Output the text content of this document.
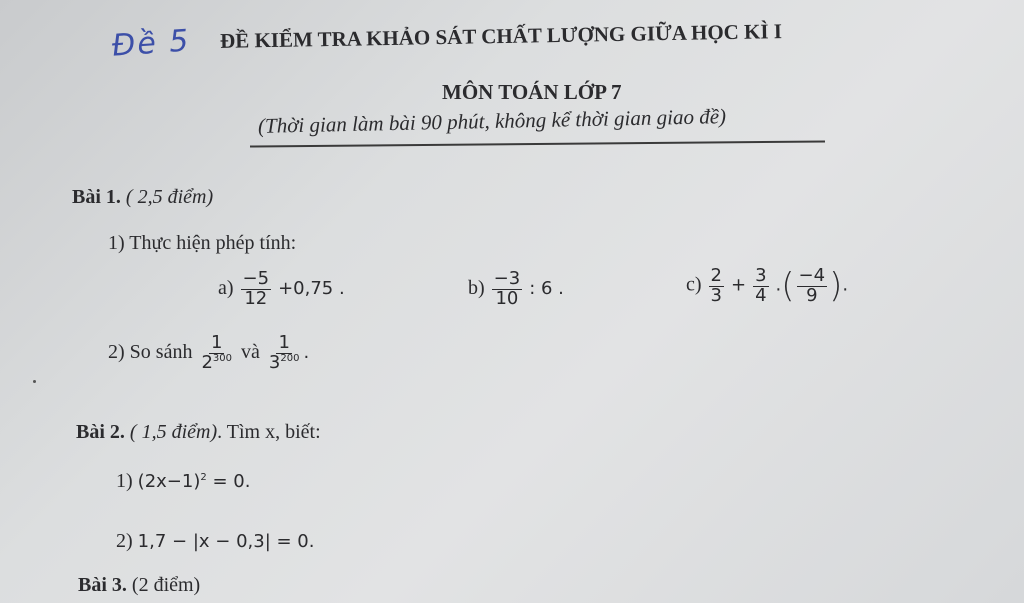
Đề 5 ĐỀ KIỂM TRA KHẢO SÁT CHẤT LƯỢNG GIỮA HỌC KÌ I
MÔN TOÁN LỚP 7
(Thời gian làm bài 90 phút, không kể thời gian giao đề)
Bài 1. ( 2,5 điểm)
1) Thực hiện phép tính:
$a) \frac{-5}{12} +0,75$ .	$b) \frac{-3}{10}$ : 6 .	$c) \frac{2}{3} + \frac{3}{4}$ .( $\frac{-4}{9}$ ).
2) So sánh $\frac{1}{2^{300}}$ và $\frac{1}{3^{200}}$ .
Bài 2. ( 1,5 điểm). Tìm x, biết:
1) $(2x-1)^2 = 0$.
2) 1,7 − |x − 0,3| = 0.
Bài 3. (2 điểm)
